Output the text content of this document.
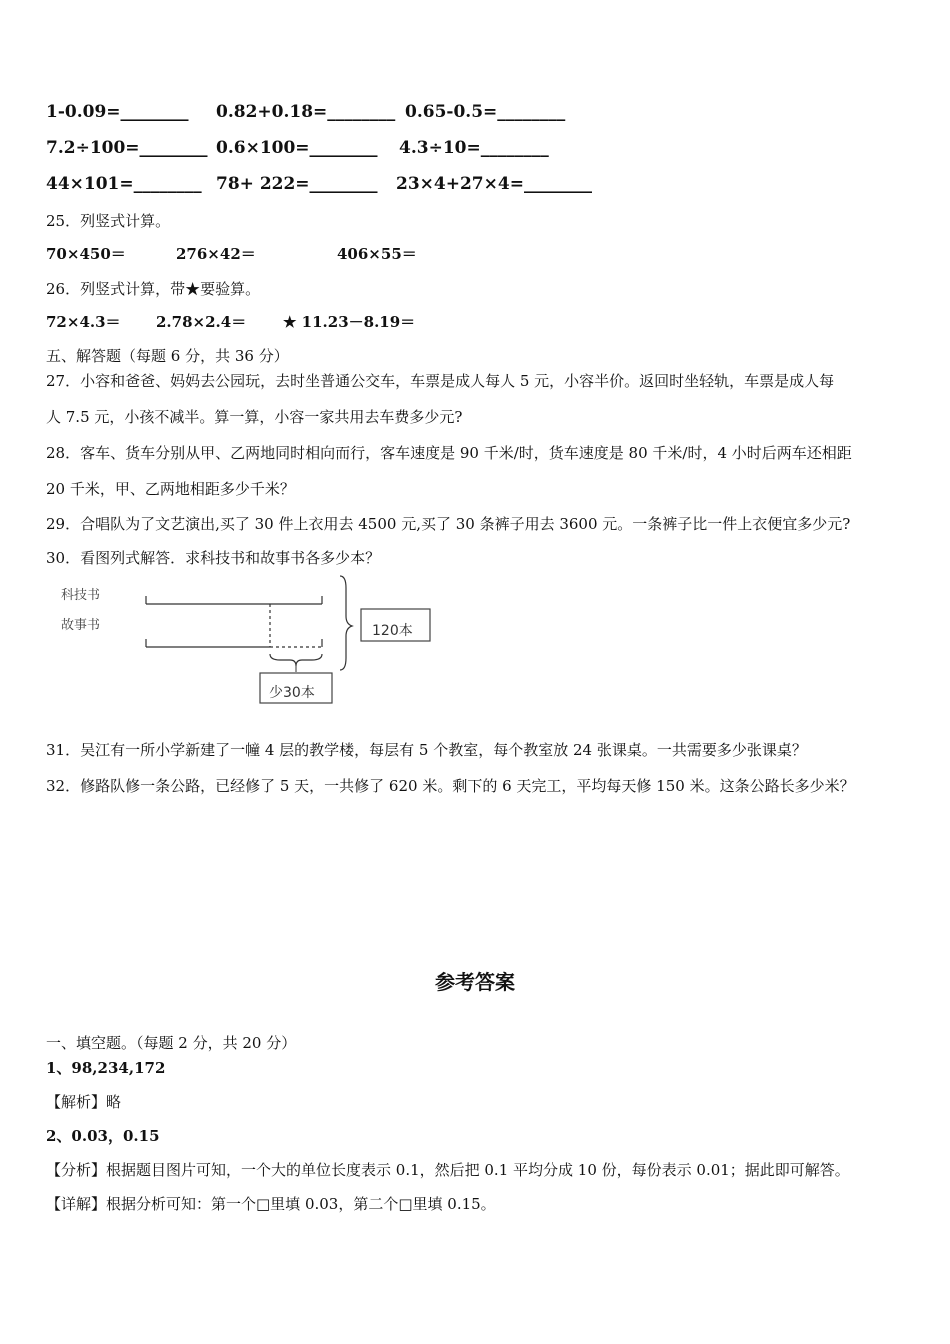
1-0.09=________ 0.82+0.18=________ 0.65-0.5=________
7.2÷100=________ 0.6×100=________ 4.3÷10=________
44×101=________ 78+ 222=________ 23×4+27×4=________
25．列竖式计算。
70×450＝	276×42＝	406×55＝
26．列竖式计算，带★要验算。
72×4.3＝ 2.78×2.4＝ ★ 11.23－8.19＝
五、解答题（每题 6 分，共 36 分）
27．小容和爸爸、妈妈去公园玩，去时坐普通公交车，车票是成人每人 5 元，小容半价。返回时坐轻轨，车票是成人每
人 7.5 元，小孩不减半。算一算，小容一家共用去车费多少元?
28．客车、货车分别从甲、乙两地同时相向而行，客车速度是 90 千米/时，货车速度是 80 千米/时，4 小时后两车还相距
20 千米，甲、乙两地相距多少千米？
29．合唱队为了文艺演出,买了 30 件上衣用去 4500 元,买了 30 条裤子用去 3600 元。一条裤子比一件上衣便宜多少元?
30．看图列式解答．求科技书和故事书各多少本？
科技书
故事书	120本
少30本
31．吴江有一所小学新建了一幢 4 层的教学楼，每层有 5 个教室，每个教室放 24 张课桌。一共需要多少张课桌？
32．修路队修一条公路，已经修了 5 天，一共修了 620 米。剩下的 6 天完工，平均每天修 150 米。这条公路长多少米？
参考答案
一、填空题。（每题 2 分，共 20 分）
1、98,234,172
【解析】略
2、0.03，0.15
【分析】根据题目图片可知，一个大的单位长度表示 0.1，然后把 0.1 平均分成 10 份，每份表示 0.01；据此即可解答。
【详解】根据分析可知：第一个□里填 0.03，第二个□里填 0.15。
